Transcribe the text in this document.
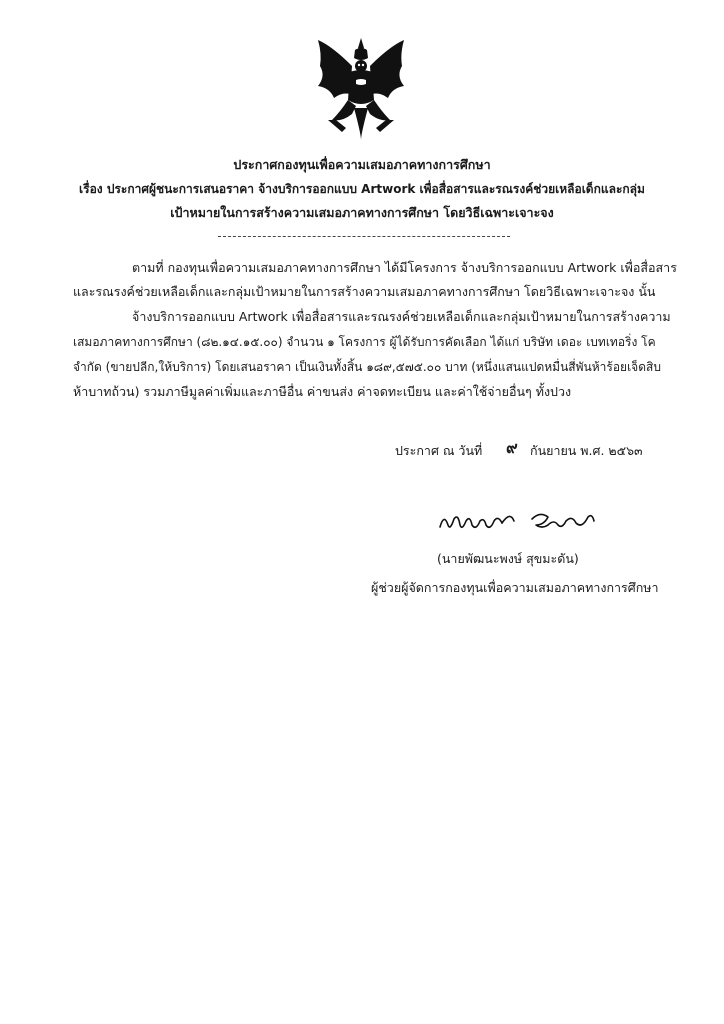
ประกาศกองทุนเพื่อความเสมอภาคทางการศึกษา
เรื่อง ประกาศผู้ชนะการเสนอราคา จ้างบริการออกแบบ Artwork เพื่อสื่อสารและรณรงค์ช่วยเหลือเด็กและกลุ่ม
เป้าหมายในการสร้างความเสมอภาคทางการศึกษา โดยวิธีเฉพาะเจาะจง
ตามที่ กองทุนเพื่อความเสมอภาคทางการศึกษา ได้มีโครงการ จ้างบริการออกแบบ Artwork เพื่อสื่อสาร
และรณรงค์ช่วยเหลือเด็กและกลุ่มเป้าหมายในการสร้างความเสมอภาคทางการศึกษา โดยวิธีเฉพาะเจาะจง นั้น
จ้างบริการออกแบบ Artwork เพื่อสื่อสารและรณรงค์ช่วยเหลือเด็กและกลุ่มเป้าหมายในการสร้างความ
เสมอภาคทางการศึกษา (๘๒.๑๔.๑๕.๐๐) จำนวน ๑ โครงการ ผู้ได้รับการคัดเลือก ได้แก่ บริษัท เดอะ เบทเทอริ่ง โค
จำกัด (ขายปลีก,ให้บริการ) โดยเสนอราคา เป็นเงินทั้งสิ้น ๑๘๙,๕๗๕.๐๐ บาท (หนึ่งแสนแปดหมื่นสี่พันห้าร้อยเจ็ดสิบ
ห้าบาทถ้วน) รวมภาษีมูลค่าเพิ่มและภาษีอื่น ค่าขนส่ง ค่าจดทะเบียน และค่าใช้จ่ายอื่นๆ ทั้งปวง
ประกาศ ณ วันที่ ๙ กันยายน พ.ศ. ๒๕๖๓
(นายพัฒนะพงษ์ สุขมะดัน)
ผู้ช่วยผู้จัดการกองทุนเพื่อความเสมอภาคทางการศึกษา
